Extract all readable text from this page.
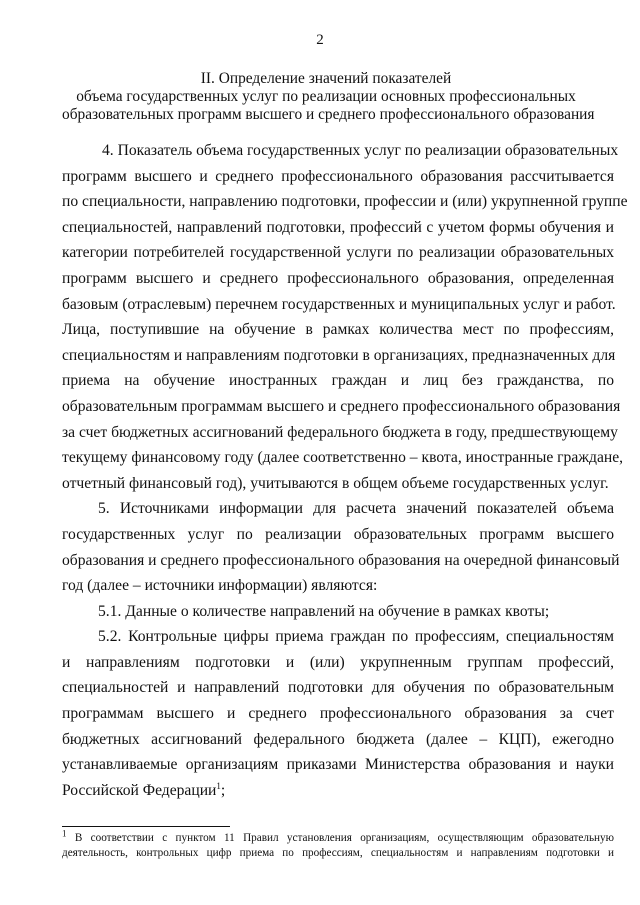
2
II. Определение значений показателей
объема государственных услуг по реализации основных профессиональных
образовательных программ высшего и среднего профессионального образования
4. Показатель объема государственных услуг по реализации образовательных
программ высшего и среднего профессионального образования рассчитывается
по специальности, направлению подготовки, профессии и (или) укрупненной группе
специальностей, направлений подготовки, профессий с учетом формы обучения и
категории потребителей государственной услуги по реализации образовательных
программ высшего и среднего профессионального образования, определенная
базовым (отраслевым) перечнем государственных и муниципальных услуг и работ.
Лица, поступившие на обучение в рамках количества мест по профессиям,
специальностям и направлениям подготовки в организациях, предназначенных для
приема на обучение иностранных граждан и лиц без гражданства, по
образовательным программам высшего и среднего профессионального образования
за счет бюджетных ассигнований федерального бюджета в году, предшествующему
текущему финансовому году (далее соответственно – квота, иностранные граждане,
отчетный финансовый год), учитываются в общем объеме государственных услуг.
5. Источниками информации для расчета значений показателей объема
государственных услуг по реализации образовательных программ высшего
образования и среднего профессионального образования на очередной финансовый
год (далее – источники информации) являются:
5.1. Данные о количестве направлений на обучение в рамках квоты;
5.2. Контрольные цифры приема граждан по профессиям, специальностям
и направлениям подготовки и (или) укрупненным группам профессий,
специальностей и направлений подготовки для обучения по образовательным
программам высшего и среднего профессионального образования за счет
бюджетных ассигнований федерального бюджета (далее – КЦП), ежегодно
устанавливаемые организациям приказами Министерства образования и науки
Российской Федерации$^1$;
$^1$ В соответствии с пунктом 11 Правил установления организациям, осуществляющим образовательную
деятельность, контрольных цифр приема по профессиям, специальностям и направлениям подготовки и
